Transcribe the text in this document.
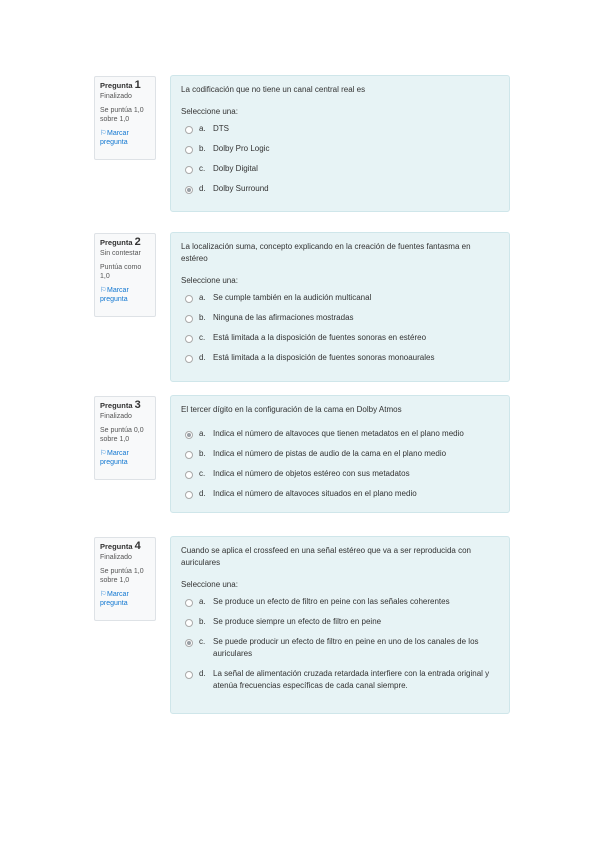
Pregunta 1
Finalizado
Se puntúa 1,0 sobre 1,0
⚐Marcar pregunta
La codificación que no tiene un canal central real es
Seleccione una:
a. DTS
b. Dolby Pro Logic
c. Dolby Digital
d. Dolby Surround
Pregunta 2
Sin contestar
Puntúa como 1,0
⚐Marcar pregunta
La localización suma, concepto explicando en la creación de fuentes fantasma en estéreo
Seleccione una:
a. Se cumple también en la audición multicanal
b. Ninguna de las afirmaciones mostradas
c. Está limitada a la disposición de fuentes sonoras en estéreo
d. Está limitada a la disposición de fuentes sonoras monoaurales
Pregunta 3
Finalizado
Se puntúa 0,0 sobre 1,0
⚐Marcar pregunta
El tercer dígito en la configuración de la cama en Dolby Atmos
a. Indica el número de altavoces que tienen metadatos en el plano medio
b. Indica el número de pistas de audio de la cama en el plano medio
c. Indica el número de objetos estéreo con sus metadatos
d. Indica el número de altavoces situados en el plano medio
Pregunta 4
Finalizado
Se puntúa 1,0 sobre 1,0
⚐Marcar pregunta
Cuando se aplica el crossfeed en una señal estéreo que va a ser reproducida con auriculares
Seleccione una:
a. Se produce un efecto de filtro en peine con las señales coherentes
b. Se produce siempre un efecto de filtro en peine
c. Se puede producir un efecto de filtro en peine en uno de los canales de los auriculares
d. La señal de alimentación cruzada retardada interfiere con la entrada original y atenúa frecuencias específicas de cada canal siempre.
